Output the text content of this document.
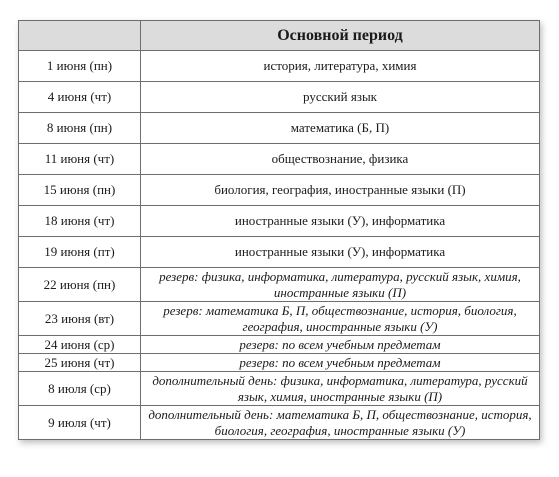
	Основной период
1 июня (пн)	история, литература, химия
4 июня (чт)	русский язык
8 июня (пн)	математика (Б, П)
11 июня (чт)	обществознание, физика
15 июня (пн)	биология, география, иностранные языки (П)
18 июня (чт)	иностранные языки (У), информатика
19 июня (пт)	иностранные языки (У), информатика
22 июня (пн)	резерв: физика, информатика, литература, русский язык, химия, иностранные языки (П)
23 июня (вт)	резерв: математика Б, П, обществознание, история, биология, география, иностранные языки (У)
24 июня (ср)	резерв: по всем учебным предметам
25 июня (чт)	резерв: по всем учебным предметам
8 июля (ср)	дополнительный день: физика, информатика, литература, русский язык, химия, иностранные языки (П)
9 июля (чт)	дополнительный день: математика Б, П, обществознание, история, биология, география, иностранные языки (У)
